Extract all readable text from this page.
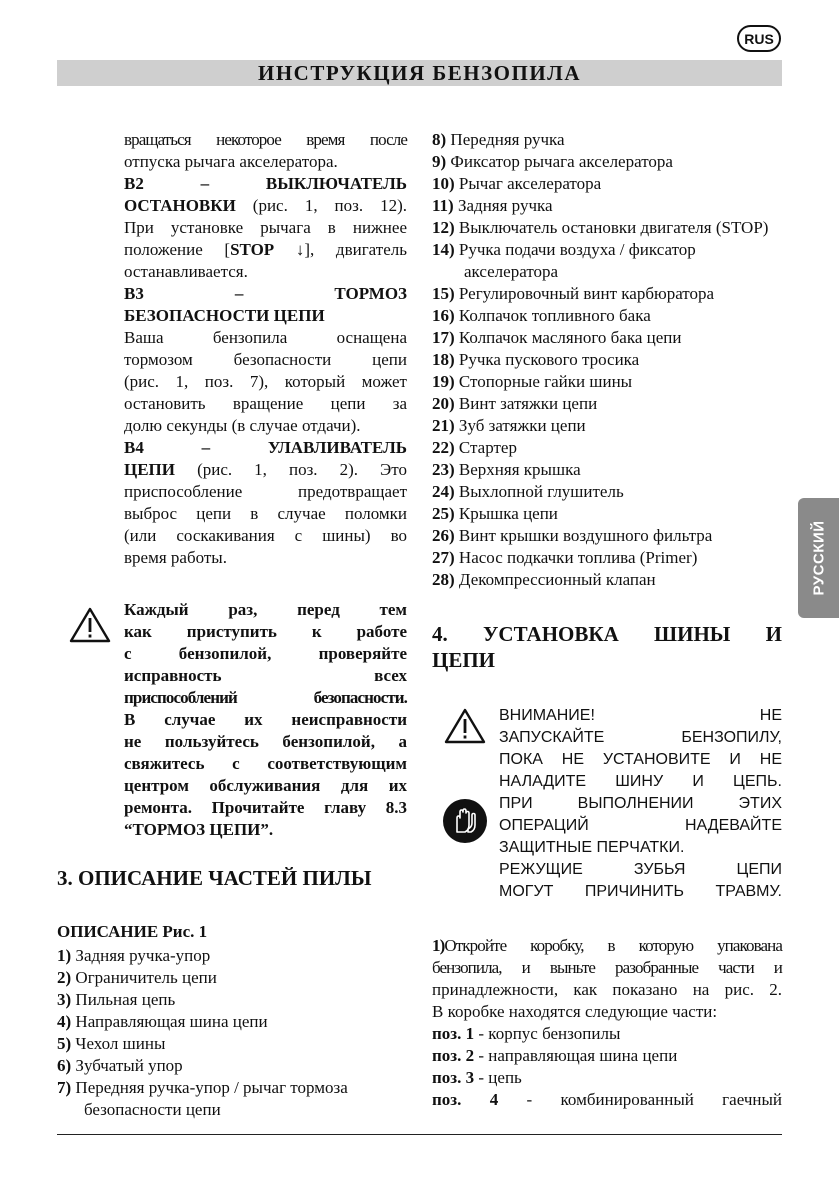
RUS
ИНСТРУКЦИЯ БЕНЗОПИЛА
РУССКИЙ

вращаться некоторое время после

отпуска рычага акселератора.

B2	–	ВЫКЛЮЧАТЕЛЬ

ОСТАНОВКИ (рис. 1, поз. 12).

При установке рычага в нижнее

положение [STOP ↓], двигатель

останавливается.

B3	–	ТОРМОЗ

БЕЗОПАСНОСТИ ЦЕПИ

Ваша бензопила оснащена

тормозом безопасности цепи

(рис. 1, поз. 7), который может

остановить вращение цепи за

долю секунды (в случае отдачи).

B4	–	УЛАВЛИВАТЕЛЬ

ЦЕПИ (рис. 1, поз. 2). Это

приспособление предотвращает

выброс цепи в случае поломки

(или соскакивания с шины) во

время работы.

Каждый раз, перед тем

как приступить к работе

с бензопилой, проверяйте

исправность всех

приспособлений безопасности.

В случае их неисправности

не пользуйтесь бензопилой, а

свяжитесь с соответствующим

центром обслуживания для их

ремонта. Прочитайте главу 8.3

“ТОРМОЗ ЦЕПИ”.

3. ОПИСАНИЕ ЧАСТЕЙ ПИЛЫ

ОПИСАНИЕ Рис. 1

1) Задняя ручка-упор

2) Ограничитель цепи

3) Пильная цепь

4) Направляющая шина цепи

5) Чехол шины

6) Зубчатый упор

7) Передняя ручка-упор / рычаг тормоза безопасности цепи

8) Передняя ручка

9) Фиксатор рычага акселератора

10) Рычаг акселератора

11) Задняя ручка

12) Выключатель остановки двигателя (STOP)

14) Ручка подачи воздуха / фиксатор акселератора

15) Регулировочный винт карбюратора

16) Колпачок топливного бака

17) Колпачок масляного бака цепи

18) Ручка пускового тросика

19) Стопорные гайки шины

20) Винт затяжки цепи

21) Зуб затяжки цепи

22) Стартер

23) Верхняя крышка

24) Выхлопной глушитель

25) Крышка цепи

26) Винт крышки воздушного фильтра

27) Насос подкачки топлива (Primer)

28) Декомпрессионный клапан

4. УСТАНОВКА ШИНЫ И
ЦЕПИ

ВНИМАНИЕ! НЕ

ЗАПУСКАЙТЕ БЕНЗОПИЛУ,

ПОКА НЕ УСТАНОВИТЕ И НЕ

НАЛАДИТЕ ШИНУ И ЦЕПЬ.

ПРИ ВЫПОЛНЕНИИ ЭТИХ

ОПЕРАЦИЙ НАДЕВАЙТЕ

ЗАЩИТНЫЕ ПЕРЧАТКИ.

РЕЖУЩИЕ ЗУБЬЯ ЦЕПИ

МОГУТ ПРИЧИНИТЬ ТРАВМУ.

1)Откройте коробку, в которую упакована

бензопила, и выньте разобранные части и

принадлежности, как показано на рис. 2.

В коробке находятся следующие части:

поз. 1 - корпус бензопилы

поз. 2 - направляющая шина цепи

поз. 3 - цепь

поз. 4 - комбинированный гаечный
